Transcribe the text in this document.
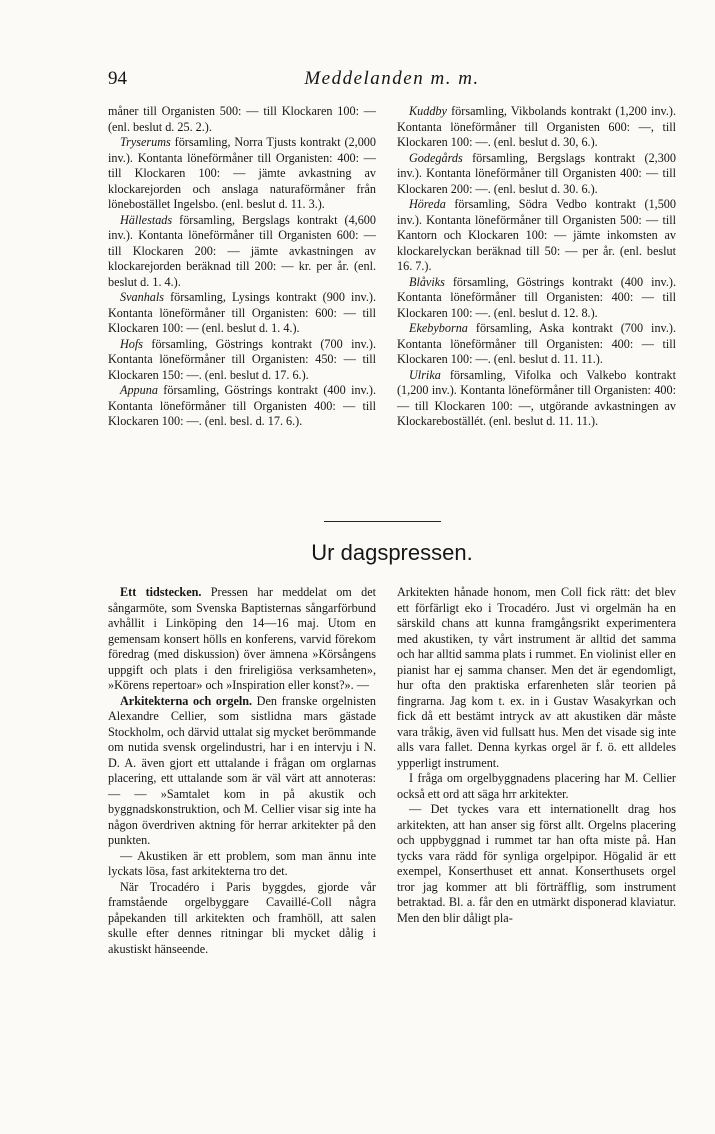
94	Meddelanden m. m.

måner till Organisten 500: — till Klockaren 100: — (enl. beslut d. 25. 2.).

Tryserums församling, Norra Tjusts kontrakt (2,000 inv.). Kontanta löneförmåner till Organisten: 400: — till Klockaren 100: — jämte avkastning av klockarejorden och anslaga naturaförmåner från lönebostället Ingelsbo. (enl. beslut d. 11. 3.).

Hällestads församling, Bergslags kontrakt (4,600 inv.). Kontanta löneförmåner till Organisten 600: — till Klockaren 200: — jämte avkastningen av klockarejorden beräknad till 200: — kr. per år. (enl. beslut d. 1. 4.).

Svanhals församling, Lysings kontrakt (900 inv.). Kontanta löneförmåner till Organisten: 600: — till Klockaren 100: — (enl. beslut d. 1. 4.).

Hofs församling, Göstrings kontrakt (700 inv.). Kontanta löneförmåner till Organisten: 450: — till Klockaren 150: —. (enl. beslut d. 17. 6.).

Appuna församling, Göstrings kontrakt (400 inv.). Kontanta löneförmåner till Organisten 400: — till Klockaren 100: —. (enl. besl. d. 17. 6.).

Kuddby församling, Vikbolands kontrakt (1,200 inv.). Kontanta löneförmåner till Organisten 600: —, till Klockaren 100: —. (enl. beslut d. 30, 6.).

Godegårds församling, Bergslags kontrakt (2,300 inv.). Kontanta löneförmåner till Organisten 400: — till Klockaren 200: —. (enl. beslut d. 30. 6.).

Höreda församling, Södra Vedbo kontrakt (1,500 inv.). Kontanta löneförmåner till Organisten 500: — till Kantorn och Klockaren 100: — jämte inkomsten av klockarelyckan beräknad till 50: — per år. (enl. beslut 16. 7.).

Blåviks församling, Göstrings kontrakt (400 inv.). Kontanta löneförmåner till Organisten: 400: — till Klockaren 100: —. (enl. beslut d. 12. 8.).

Ekebyborna församling, Aska kontrakt (700 inv.). Kontanta löneförmåner till Organisten: 400: — till Klockaren 100: —. (enl. beslut d. 11. 11.).

Ulrika församling, Vifolka och Valkebo kontrakt (1,200 inv.). Kontanta löneförmåner till Organisten: 400: — till Klockaren 100: —, utgörande avkastningen av Klockareboställét. (enl. beslut d. 11. 11.).

Ur dagspressen.

Ett tidstecken. Pressen har meddelat om det sångarmöte, som Svenska Baptisternas sångarförbund avhållit i Linköping den 14—16 maj. Utom en gemensam konsert hölls en konferens, varvid förekom föredrag (med diskussion) över ämnena »Körsångens uppgift och plats i den frireligiösa verksamheten», »Körens repertoar» och »Inspiration eller konst?». —

Arkitekterna och orgeln. Den franske orgelnisten Alexandre Cellier, som sistlidna mars gästade Stockholm, och därvid uttalat sig mycket berömmande om nutida svensk orgelindustri, har i en intervju i N. D. A. även gjort ett uttalande i frågan om orglarnas placering, ett uttalande som är väl värt att annoteras: — — »Samtalet kom in på akustik och byggnadskonstruktion, och M. Cellier visar sig inte ha någon överdriven aktning för herrar arkitekter på den punkten.

— Akustiken är ett problem, som man ännu inte lyckats lösa, fast arkitekterna tro det.

När Trocadéro i Paris byggdes, gjorde vår framstående orgelbyggare Cavaillé-Coll några påpekanden till arkitekten och framhöll, att salen skulle efter dennes ritningar bli mycket dålig i akustiskt hänseende.

Arkitekten hånade honom, men Coll fick rätt: det blev ett förfärligt eko i Trocadéro. Just vi orgelmän ha en särskild chans att kunna framgångsrikt experimentera med akustiken, ty vårt instrument är alltid det samma och har alltid samma plats i rummet. En violinist eller en pianist har ej samma chanser. Men det är egendomligt, hur ofta den praktiska erfarenheten slår teorien på fingrarna. Jag kom t. ex. in i Gustav Wasakyrkan och fick då ett bestämt intryck av att akustiken där måste vara tråkig, även vid fullsatt hus. Men det visade sig inte alls vara fallet. Denna kyrkas orgel är f. ö. ett alldeles ypperligt instrument.

I fråga om orgelbyggnadens placering har M. Cellier också ett ord att säga hrr arkitekter.

— Det tyckes vara ett internationellt drag hos arkitekten, att han anser sig först allt. Orgelns placering och uppbyggnad i rummet tar han ofta miste på. Han tycks vara rädd för synliga orgelpipor. Högalid är ett exempel, Konserthuset ett annat. Konserthusets orgel tror jag kommer att bli förträfflig, som instrument betraktad. Bl. a. får den en utmärkt disponerad klaviatur. Men den blir dåligt pla-
